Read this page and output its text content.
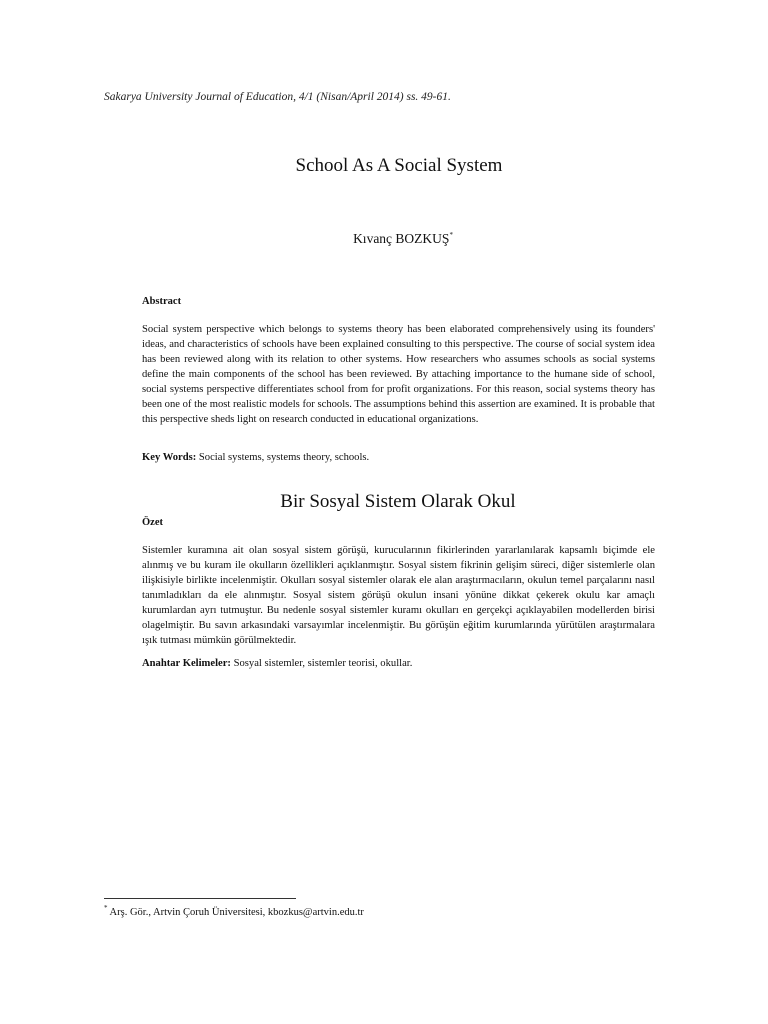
Sakarya University Journal of Education, 4/1 (Nisan/April 2014) ss. 49-61.
School As A Social System
Kıvanç BOZKUŞ*
Abstract
Social system perspective which belongs to systems theory has been elaborated comprehensively using its founders' ideas, and characteristics of schools have been explained consulting to this perspective. The course of social system idea has been reviewed along with its relation to other systems. How researchers who assumes schools as social systems define the main components of the school has been reviewed. By attaching importance to the humane side of school, social systems perspective differentiates school from for profit organizations. For this reason, social systems theory has been one of the most realistic models for schools. The assumptions behind this assertion are examined. It is probable that this perspective sheds light on research conducted in educational organizations.
Key Words: Social systems, systems theory, schools.
Bir Sosyal Sistem Olarak Okul
Özet
Sistemler kuramına ait olan sosyal sistem görüşü, kurucularının fikirlerinden yararlanılarak kapsamlı biçimde ele alınmış ve bu kuram ile okulların özellikleri açıklanmıştır. Sosyal sistem fikrinin gelişim süreci, diğer sistemlerle olan ilişkisiyle birlikte incelenmiştir. Okulları sosyal sistemler olarak ele alan araştırmacıların, okulun temel parçalarını nasıl tanımladıkları da ele alınmıştır. Sosyal sistem görüşü okulun insani yönüne dikkat çekerek okulu kar amaçlı kurumlardan ayrı tutmuştur. Bu nedenle sosyal sistemler kuramı okulları en gerçekçi açıklayabilen modellerden birisi olagelmiştir. Bu savın arkasındaki varsayımlar incelenmiştir. Bu görüşün eğitim kurumlarında yürütülen araştırmalara ışık tutması mümkün görülmektedir.
Anahtar Kelimeler: Sosyal sistemler, sistemler teorisi, okullar.
* Arş. Gör., Artvin Çoruh Üniversitesi, kbozkus@artvin.edu.tr
